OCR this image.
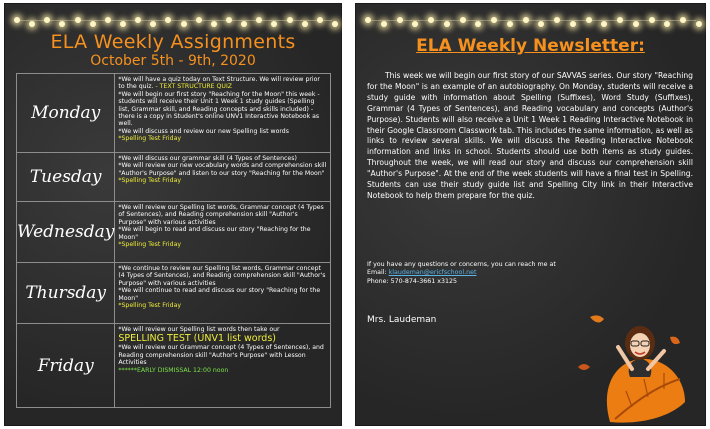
ELA Weekly Assignments
October 5th - 9th, 2020
Monday	*We will have a quiz today on Text Structure. We will review prior to the quiz. - TEXT STRUCTURE QUIZ
*We will begin our first story "Reaching for the Moon" this week - students will receive their Unit 1 Week 1 study guides (Spelling list, Grammar skill, and Reading concepts and skills included) - there is a copy in Student's online UNV1 Interactive Notebook as well.
*We will discuss and review our new Spelling list words
*Spelling Test Friday

Tuesday	*We will discuss our grammar skill (4 Types of Sentences)
*We will review our new vocabulary words and comprehension skill "Author's Purpose" and listen to our story "Reaching for the Moon"
*Spelling Test Friday

Wednesday	*We will review our Spelling list words, Grammar concept (4 Types of Sentences), and Reading comprehension skill "Author's Purpose" with various activities
*We will begin to read and discuss our story "Reaching for the Moon"
*Spelling Test Friday

Thursday	*We continue to review our Spelling list words, Grammar concept (4 Types of Sentences), and Reading comprehension skill "Author's Purpose" with various activities
*We will continue to read and discuss our story "Reaching for the Moon"
*Spelling Test Friday

Friday	*We will review our Spelling list words then take our
SPELLING TEST (UNV1 list words)
*We will review our Grammar concept (4 Types of Sentences), and Reading comprehension skill "Author's Purpose" with Lesson Activities
******EARLY DISMISSAL 12:00 noon
ELA Weekly Newsletter:
This week we will begin our first story of our SAVVAS series. Our story "Reaching for the Moon" is an example of an autobiography. On Monday, students will receive a study guide with information about Spelling (Suffixes), Word Study (Suffixes), Grammar (4 Types of Sentences), and Reading vocabulary and concepts (Author's Purpose). Students will also receive a Unit 1 Week 1 Reading Interactive Notebook in their Google Classroom Classwork tab. This includes the same information, as well as links to review several skills. We will discuss the Reading Interactive Notebook information and links in school. Students should use both items as study guides. Throughout the week, we will read our story and discuss our comprehension skill "Author's Purpose". At the end of the week students will have a final test in Spelling. Students can use their study guide list and Spelling City link in their Interactive Notebook to help them prepare for the quiz.
If you have any questions or concerns, you can reach me at
Email: klaudeman@ericfschool.net
Phone: 570-874-3661 x3125
Mrs. Laudeman
